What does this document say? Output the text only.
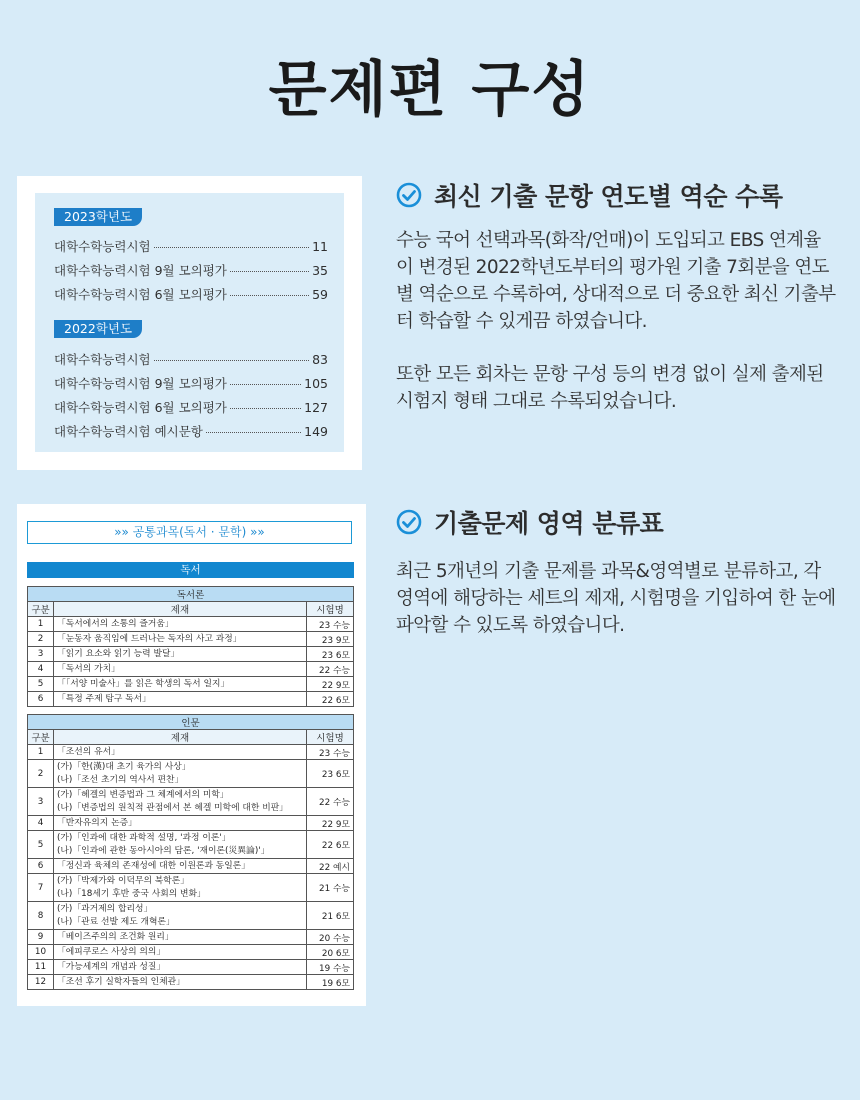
문제편 구성
2023학년도
대학수학능력시험	11
대학수학능력시험 9월 모의평가	35
대학수학능력시험 6월 모의평가	59
2022학년도
대학수학능력시험	83
대학수학능력시험 9월 모의평가	105
대학수학능력시험 6월 모의평가	127
대학수학능력시험 예시문항	149
»» 공통과목(독서 · 문학) »»
독서
독서론		
구분	제재	시험명
1	「독서에서의 소통의 즐거움」	23 수능
2	「눈동자 움직임에 드러나는 독자의 사고 과정」	23 9모
3	「읽기 요소와 읽기 능력 발달」	23 6모
4	「독서의 가치」	22 수능
5	「「서양 미술사」를 읽은 학생의 독서 일지」	22 9모
6	「특정 주제 탐구 독서」	22 6모
인문		
구분	제재	시험명
1	「조선의 유서」	23 수능
2	(가)「한(漢)대 초기 육가의 사상」
(나)「조선 초기의 역사서 편찬」	23 6모
3	(가)「헤겔의 변증법과 그 체계에서의 미학」
(나)「변증법의 원칙적 관점에서 본 헤겔 미학에 대한 비판」	22 수능
4	「반자유의지 논증」	22 9모
5	(가)「인과에 대한 과학적 설명, '과정 이론'」
(나)「인과에 관한 동아시아의 담론, '재이론(災異論)'」	22 6모
6	「정신과 육체의 존재성에 대한 이원론과 동일론」	22 예시
7	(가)「박제가와 이덕무의 북학론」
(나)「18세기 후반 중국 사회의 변화」	21 수능
8	(가)「과거제의 합리성」
(나)「관료 선발 제도 개혁론」	21 6모
9	「베이즈주의의 조건화 원리」	20 수능
10	「에피쿠로스 사상의 의의」	20 6모
11	「가능세계의 개념과 성질」	19 수능
12	「조선 후기 실학자들의 인체관」	19 6모
최신 기출 문항 연도별 역순 수록

수능 국어 선택과목(화작/언매)이 도입되고 EBS 연계율이 변경된 2022학년도부터의 평가원 기출 7회분을 연도별 역순으로 수록하여, 상대적으로 더 중요한 최신 기출부터 학습할 수 있게끔 하였습니다.

또한 모든 회차는 문항 구성 등의 변경 없이 실제 출제된 시험지 형태 그대로 수록되었습니다.

기출문제 영역 분류표

최근 5개년의 기출 문제를 과목&영역별로 분류하고, 각 영역에 해당하는 세트의 제재, 시험명을 기입하여 한 눈에 파악할 수 있도록 하였습니다.
